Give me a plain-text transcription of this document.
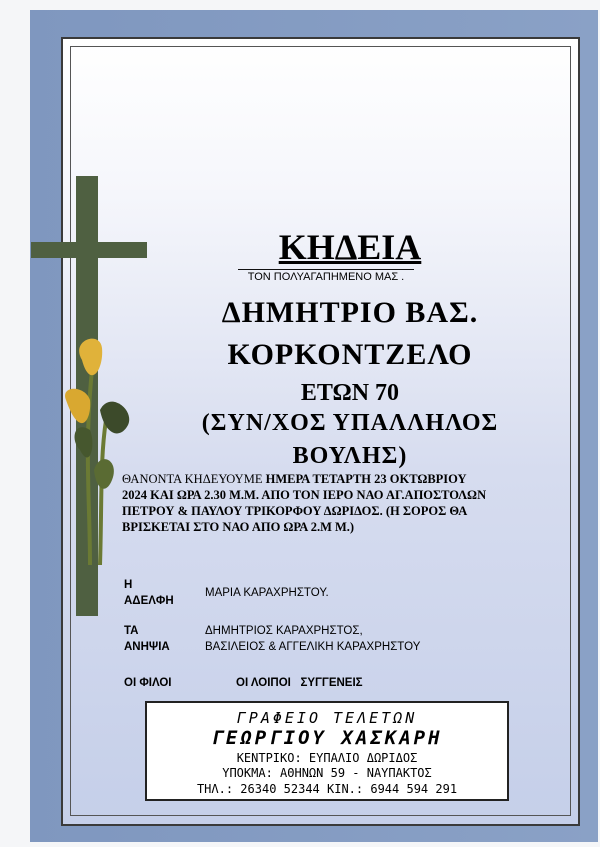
ΚΗΔΕΙΑ
ΤΟΝ ΠΟΛΥΑΓΑΠΗΜΕΝΟ ΜΑΣ .
ΔΗΜΗΤΡΙΟ ΒΑΣ.
ΚΟΡΚΟΝΤΖΕΛΟ
ΕΤΩΝ 70
(ΣΥΝ/ΧΟΣ ΥΠΑΛΛΗΛΟΣ
ΒΟΥΛΗΣ)
ΘΑΝΟΝΤΑ ΚΗΔΕΥΟΥΜΕ ΗΜΕΡΑ ΤΕΤΑΡΤΗ 23 ΟΚΤΩΒΡΙΟΥ
2024 ΚΑΙ ΩΡΑ 2.30 Μ.Μ. ΑΠΟ ΤΟΝ ΙΕΡΟ ΝΑΟ ΑΓ.ΑΠΟΣΤΟΛΩΝ
ΠΕΤΡΟΥ & ΠΑΥΛΟΥ ΤΡΙΚΟΡΦΟΥ ΔΩΡΙΔΟΣ. (Η ΣΟΡΟΣ ΘΑ
ΒΡΙΣΚΕΤΑΙ ΣΤΟ ΝΑΟ ΑΠΟ ΩΡΑ 2.Μ Μ.)
Η
ΑΔΕΛΦΗ
ΜΑΡΙΑ ΚΑΡΑΧΡΗΣΤΟΥ.
ΤΑ
ΑΝΗΨΙΑ
ΔΗΜΗΤΡΙΟΣ ΚΑΡΑΧΡΗΣΤΟΣ,
ΒΑΣΙΛΕΙΟΣ & ΑΓΓΕΛΙΚΗ ΚΑΡΑΧΡΗΣΤΟΥ
ΟΙ ΦΙΛΟΙ	ΟΙ ΛΟΙΠΟΙ   ΣΥΓΓΕΝΕΙΣ
ΓΡΑΦΕΙΟ ΤΕΛΕΤΩΝ
ΓΕΩΡΓΙΟΥ ΧΑΣΚΑΡΗ
ΚΕΝΤΡΙΚΟ: ΕΥΠΑΛΙΟ ΔΩΡΙΔΟΣ
ΥΠΟΚΜΑ: ΑΘΗΝΩΝ 59 - ΝΑΥΠΑΚΤΟΣ
ΤΗΛ.: 26340 52344 ΚΙΝ.: 6944 594 291
